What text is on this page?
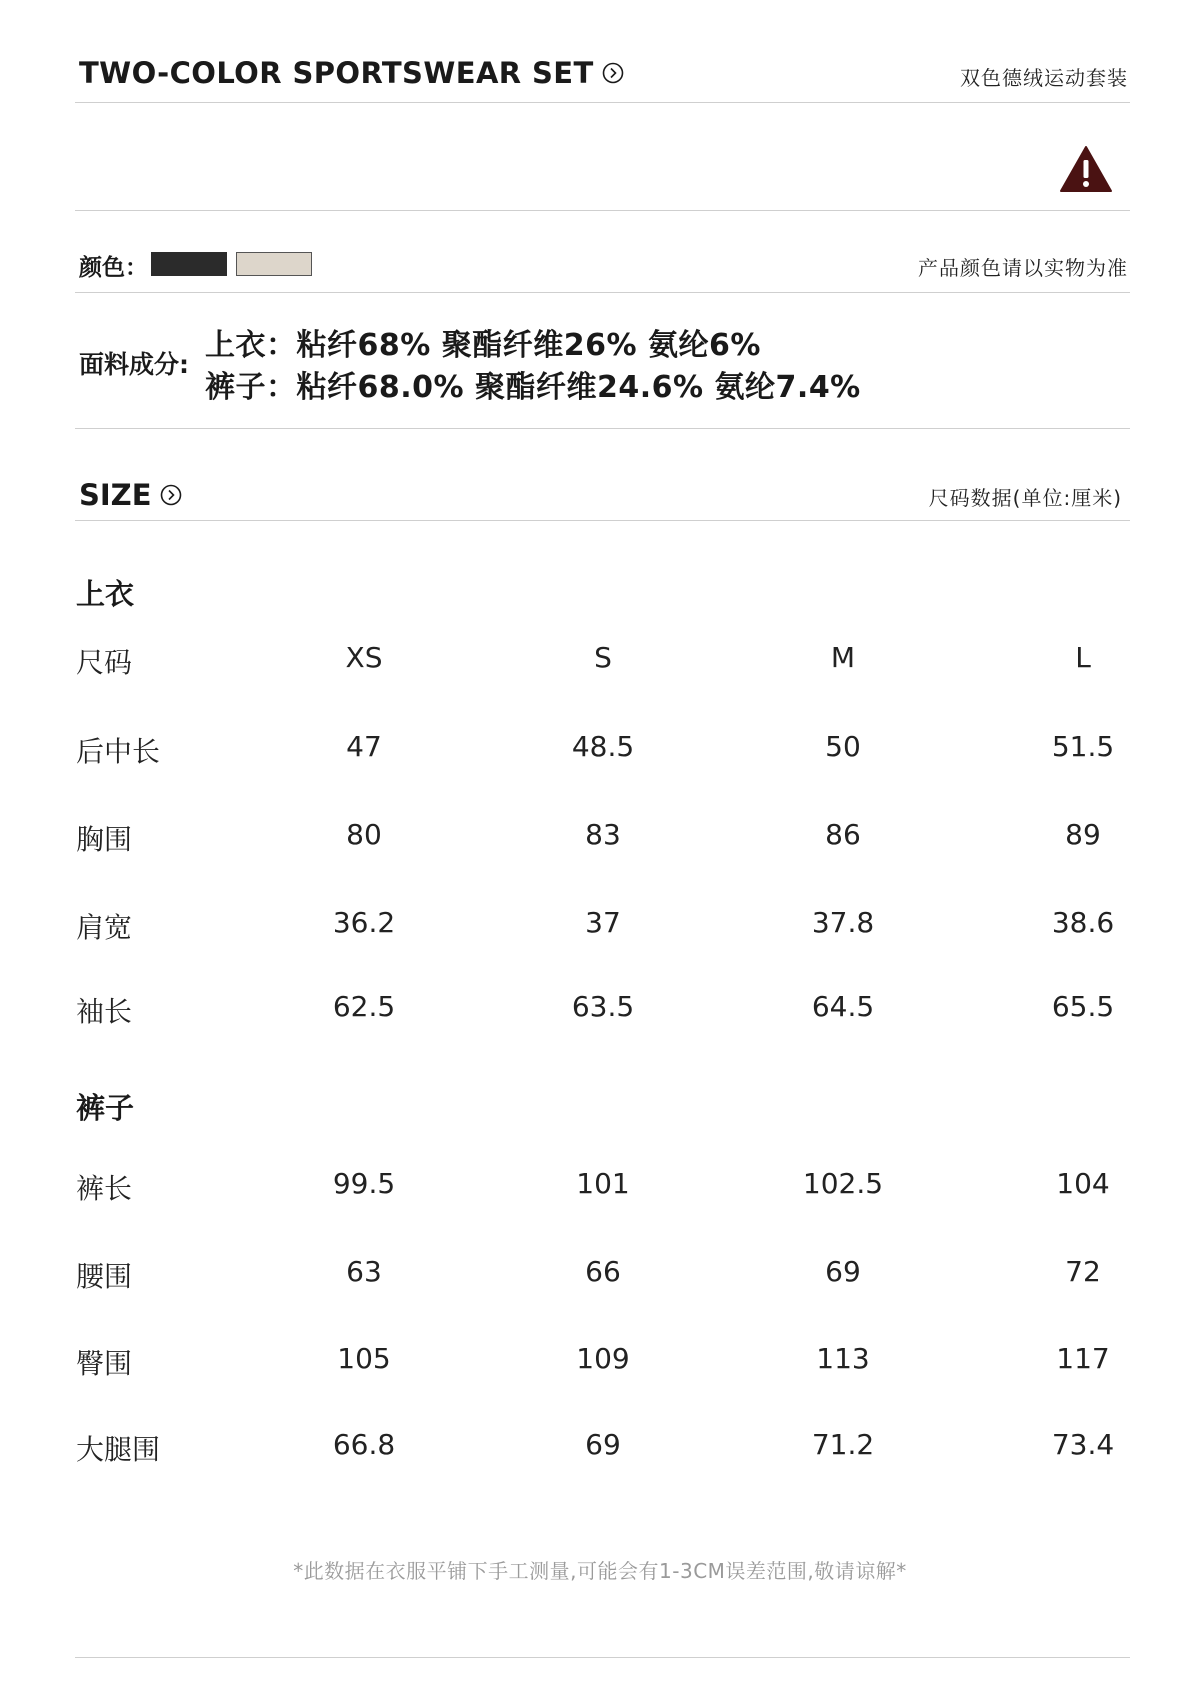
TWO-COLOR SPORTSWEAR SET	双色德绒运动套装
颜色：	产品颜色请以实物为准
面料成分:
上衣：粘纤68% 聚酯纤维26% 氨纶6%
裤子：粘纤68.0% 聚酯纤维24.6% 氨纶7.4%
SIZE	尺码数据(单位:厘米)
上衣
尺码	XS	S	M	L
后中长	47	48.5	50	51.5
胸围	80	83	86	89
肩宽	36.2	37	37.8	38.6
袖长	62.5	63.5	64.5	65.5
裤子
裤长	99.5	101	102.5	104
腰围	63	66	69	72
臀围	105	109	113	117
大腿围	66.8	69	71.2	73.4
*此数据在衣服平铺下手工测量,可能会有1-3CM误差范围,敬请谅解*
